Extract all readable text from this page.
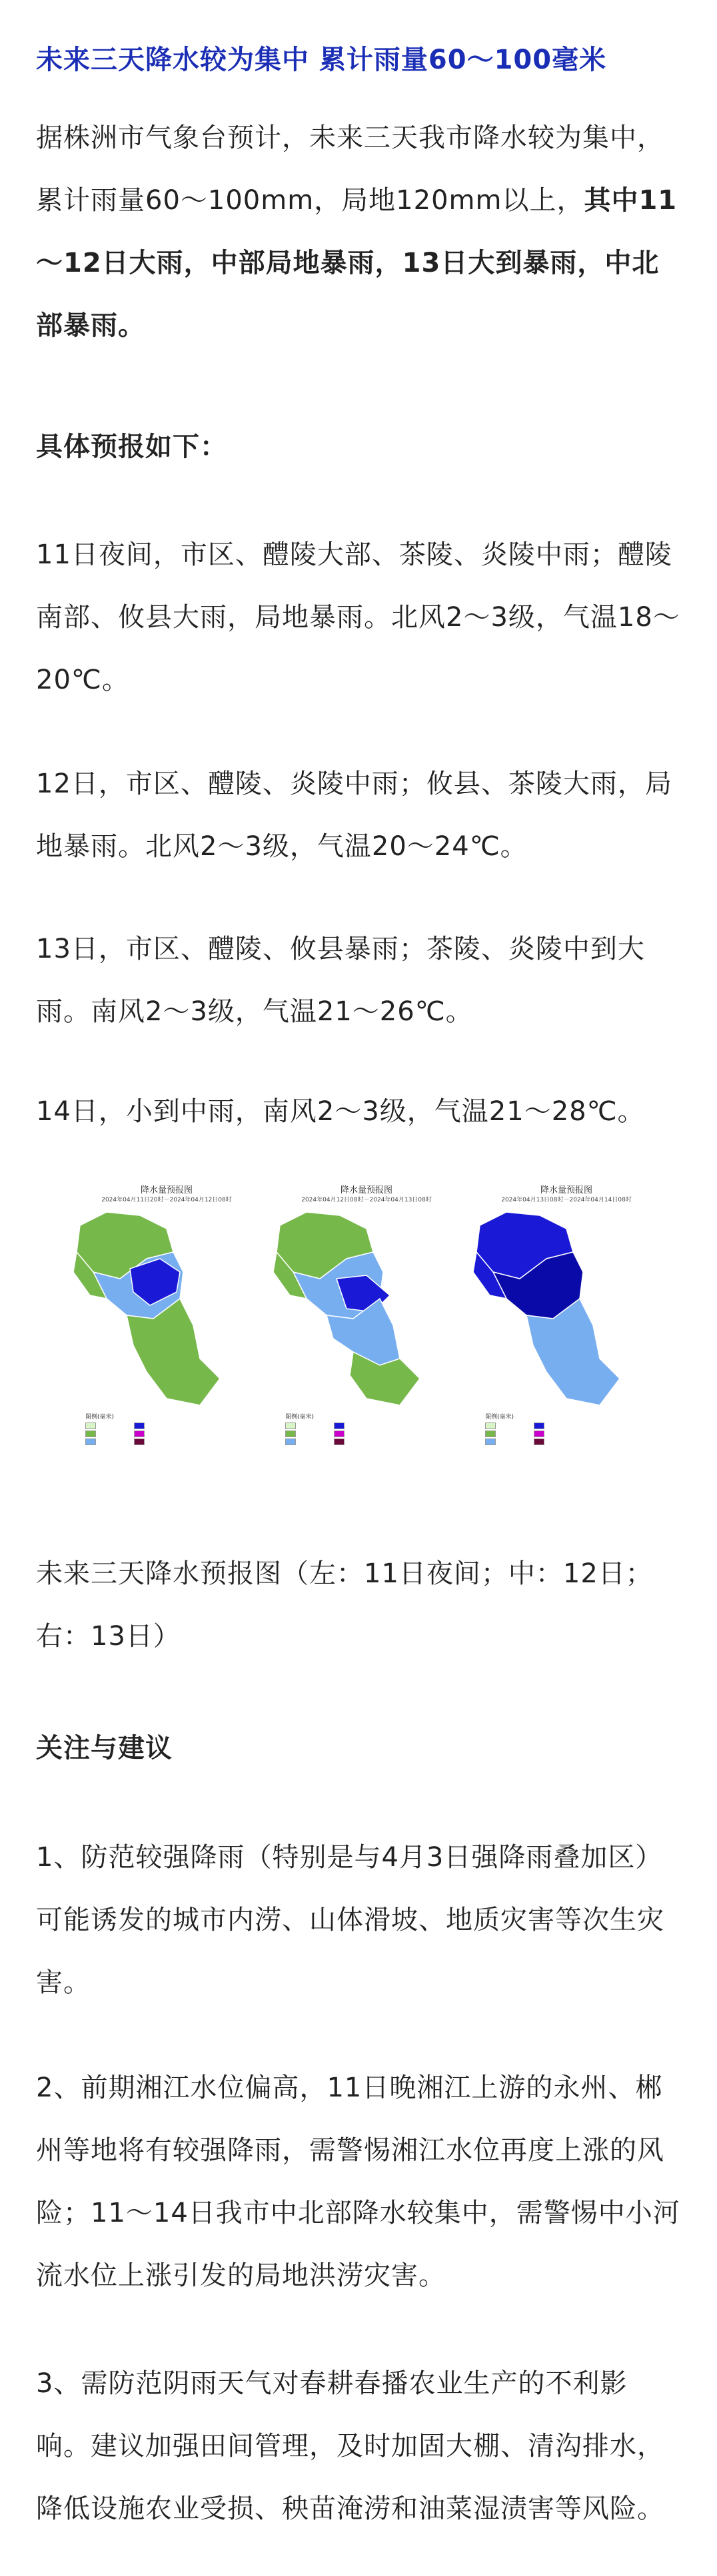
未来三天降水较为集中 累计雨量60～100毫米

据株洲市气象台预计，未来三天我市降水较为集中，累计雨量60～100mm，局地120mm以上，其中11～12日大雨，中部局地暴雨，13日大到暴雨，中北部暴雨。

具体预报如下：

11日夜间，市区、醴陵大部、茶陵、炎陵中雨；醴陵南部、攸县大雨，局地暴雨。北风2～3级，气温18～20℃。

12日，市区、醴陵、炎陵中雨；攸县、茶陵大雨，局地暴雨。北风2～3级，气温20～24℃。

13日，市区、醴陵、攸县暴雨；茶陵、炎陵中到大雨。南风2～3级，气温21～26℃。

14日，小到中雨，南风2～3级，气温21～28℃。

降水量预报图
2024年04月11日20时－2024年04月12日08时
图例(毫米)
降水量预报图
2024年04月12日08时－2024年04月13日08时
图例(毫米)
降水量预报图
2024年04月13日08时－2024年04月14日08时
图例(毫米)

未来三天降水预报图（左：11日夜间；中：12日；右：13日）

关注与建议

1、防范较强降雨（特别是与4月3日强降雨叠加区）可能诱发的城市内涝、山体滑坡、地质灾害等次生灾害。

2、前期湘江水位偏高，11日晚湘江上游的永州、郴州等地将有较强降雨，需警惕湘江水位再度上涨的风险；11～14日我市中北部降水较集中，需警惕中小河流水位上涨引发的局地洪涝灾害。

3、需防范阴雨天气对春耕春播农业生产的不利影响。建议加强田间管理，及时加固大棚、清沟排水，降低设施农业受损、秧苗淹涝和油菜湿渍害等风险。
